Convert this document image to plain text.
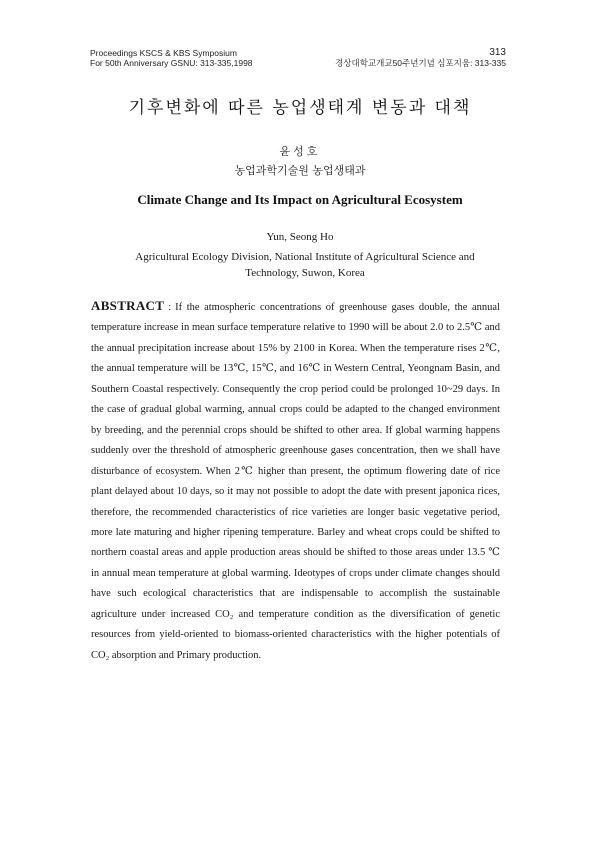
Proceedings KSCS & KBS Symposium
For 50th Anniversary GSNU: 313-335,1998
313
경상대학교개교50주년기념 심포지움: 313-335
기후변화에 따른 농업생태계 변동과 대책
윤성호
농업과학기술원 농업생태과
Climate Change and Its Impact on Agricultural Ecosystem
Yun, Seong Ho
Agricultural Ecology Division, National Institute of Agricultural Science and Technology, Suwon, Korea
ABSTRACT : If the atmospheric concentrations of greenhouse gases double, the annual temperature increase in mean surface temperature relative to 1990 will be about 2.0 to 2.5℃ and the annual precipitation increase about 15% by 2100 in Korea. When the temperature rises 2℃, the annual temperature will be 13℃, 15℃, and 16℃ in Western Central, Yeongnam Basin, and Southern Coastal respectively. Consequently the crop period could be prolonged 10~29 days. In the case of gradual global warming, annual crops could be adapted to the changed environment by breeding, and the perennial crops should be shifted to other area. If global warming happens suddenly over the threshold of atmospheric greenhouse gases concentration, then we shall have disturbance of ecosystem. When 2℃ higher than present, the optimum flowering date of rice plant delayed about 10 days, so it may not possible to adopt the date with present japonica rices, therefore, the recommended characteristics of rice varieties are longer basic vegetative period, more late maturing and higher ripening temperature. Barley and wheat crops could be shifted to northern coastal areas and apple production areas should be shifted to those areas under 13.5 ℃ in annual mean temperature at global warming. Ideotypes of crops under climate changes should have such ecological characteristics that are indispensable to accomplish the sustainable agriculture under increased CO₂ and temperature condition as the diversification of genetic resources from yield-oriented to biomass-oriented characteristics with the higher potentials of CO₂ absorption and Primary production.
